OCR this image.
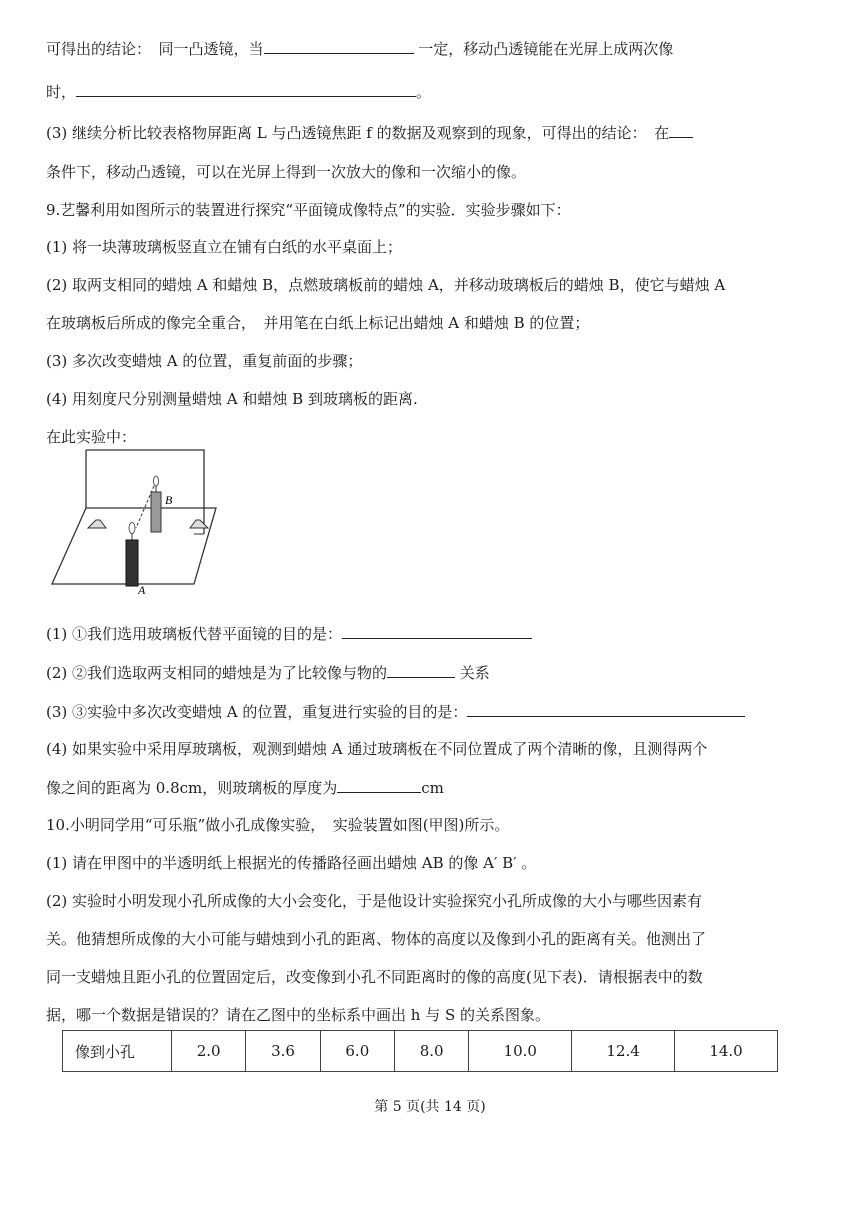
可得出的结论：　同一凸透镜，当	一定，移动凸透镜能在光屏上成两次像
时，	。
(3) 继续分析比较表格物屏距离 L 与凸透镜焦距 f 的数据及观察到的现象，可得出的结论：　在
条件下，移动凸透镜，可以在光屏上得到一次放大的像和一次缩小的像。
9.艺馨利用如图所示的装置进行探究“平面镜成像特点”的实验．实验步骤如下：
(1) 将一块薄玻璃板竖直立在铺有白纸的水平桌面上；
(2) 取两支相同的蜡烛 A 和蜡烛 B，点燃玻璃板前的蜡烛 A，并移动玻璃板后的蜡烛 B，使它与蜡烛 A
在玻璃板后所成的像完全重合，　并用笔在白纸上标记出蜡烛 A 和蜡烛 B 的位置；
(3) 多次改变蜡烛 A 的位置，重复前面的步骤；
(4) 用刻度尺分别测量蜡烛 A 和蜡烛 B 到玻璃板的距离.
在此实验中：
B
A
(1) ①我们选用玻璃板代替平面镜的目的是：
(2) ②我们选取两支相同的蜡烛是为了比较像与物的	关系
(3) ③实验中多次改变蜡烛 A 的位置，重复进行实验的目的是：
(4) 如果实验中采用厚玻璃板，观测到蜡烛 A 通过玻璃板在不同位置成了两个清晰的像，且测得两个
像之间的距离为 0.8cm，则玻璃板的厚度为	cm
10.小明同学用“可乐瓶”做小孔成像实验，　实验装置如图(甲图)所示。
(1) 请在甲图中的半透明纸上根据光的传播路径画出蜡烛 AB 的像 A′ B′ 。
(2) 实验时小明发现小孔所成像的大小会变化，于是他设计实验探究小孔所成像的大小与哪些因素有
关。他猜想所成像的大小可能与蜡烛到小孔的距离、物体的高度以及像到小孔的距离有关。他测出了
同一支蜡烛且距小孔的位置固定后，改变像到小孔不同距离时的像的高度(见下表)．请根据表中的数
据，哪一个数据是错误的？请在乙图中的坐标系中画出 h 与 S 的关系图象。
像到小孔	2.0	3.6	6.0	8.0	10.0	12.4	14.0
第 5 页(共 14 页)
